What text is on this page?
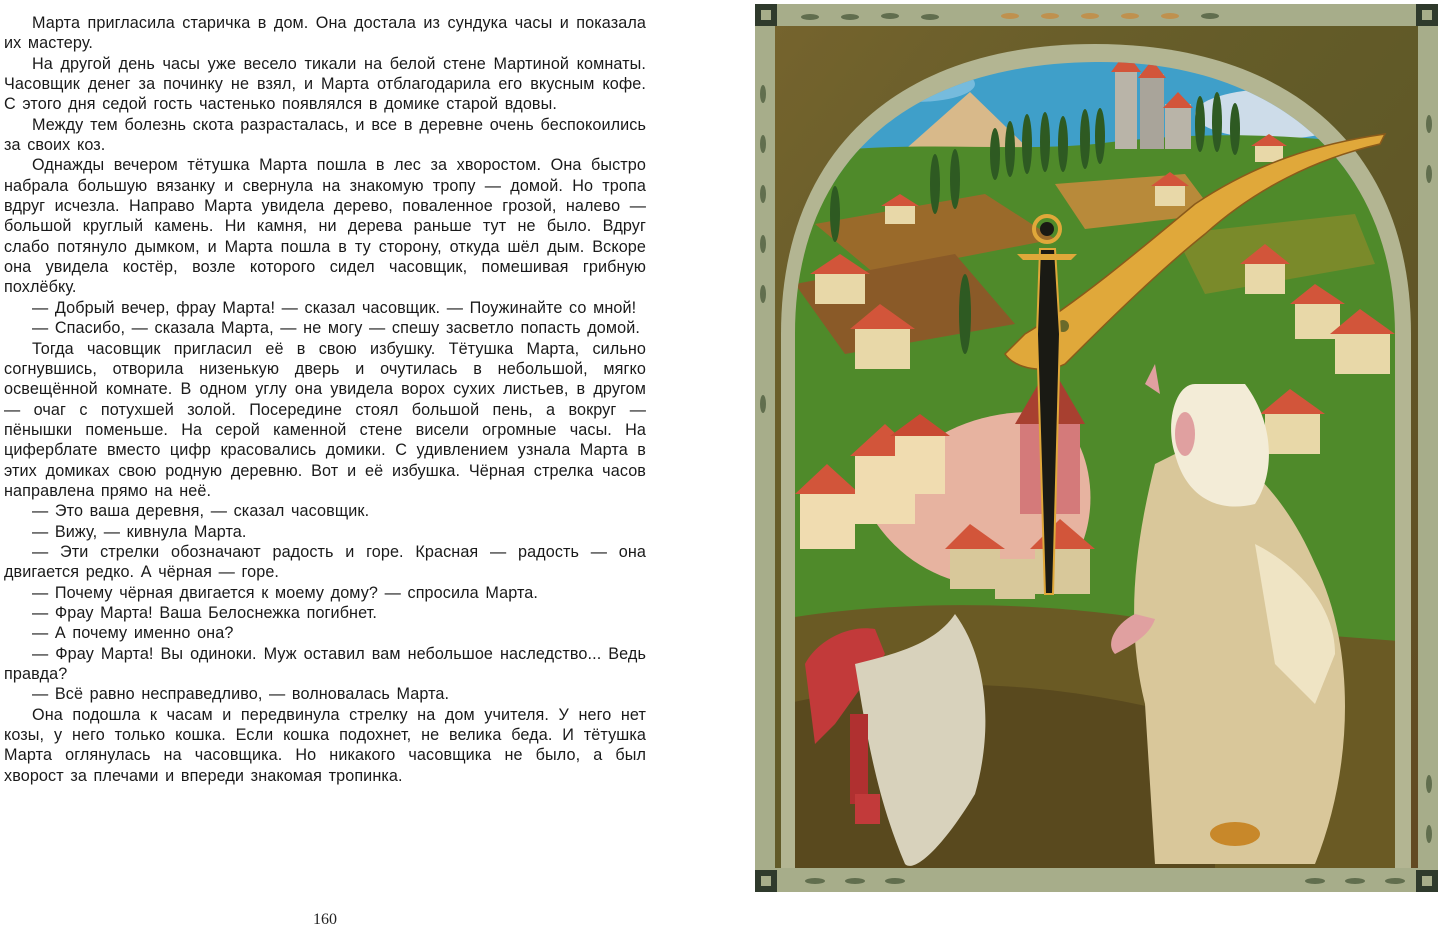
Марта пригласила старичка в дом. Она достала из сундука часы и показала их мастеру.

На другой день часы уже весело тикали на белой стене Мартиной комнаты. Часовщик денег за починку не взял, и Марта отблагодарила его вкусным кофе. С этого дня седой гость частенько появлялся в домике старой вдовы.

Между тем болезнь скота разрасталась, и все в деревне очень беспокоились за своих коз.

Однажды вечером тётушка Марта пошла в лес за хворостом. Она быстро набрала большую вязанку и свернула на знакомую тропу — домой. Но тропа вдруг исчезла. Направо Марта увидела дерево, поваленное грозой, налево — большой круглый камень. Ни камня, ни дерева раньше тут не было. Вдруг слабо потянуло дымком, и Марта пошла в ту сторону, откуда шёл дым. Вскоре она увидела костёр, возле которого сидел часовщик, помешивая грибную похлёбку.

— Добрый вечер, фрау Марта! — сказал часовщик. — Поужинайте со мной!

— Спасибо, — сказала Марта, — не могу — спешу засветло попасть домой.

Тогда часовщик пригласил её в свою избушку. Тётушка Марта, сильно согнувшись, отворила низенькую дверь и очутилась в небольшой, мягко освещённой комнате. В одном углу она увидела ворох сухих листьев, в другом — очаг с потухшей золой. Посередине стоял большой пень, а вокруг — пёнышки поменьше. На серой каменной стене висели огромные часы. На циферблате вместо цифр красовались домики. С удивлением узнала Марта в этих домиках свою родную деревню. Вот и её избушка. Чёрная стрелка часов направлена прямо на неё.

— Это ваша деревня, — сказал часовщик.

— Вижу, — кивнула Марта.

— Эти стрелки обозначают радость и горе. Красная — радость — она двигается редко. А чёрная — горе.

— Почему чёрная двигается к моему дому? — спросила Марта.

— Фрау Марта! Ваша Белоснежка погибнет.

— А почему именно она?

— Фрау Марта! Вы одиноки. Муж оставил вам небольшое наследство... Ведь правда?

— Всё равно несправедливо, — волновалась Марта.

Она подошла к часам и передвинула стрелку на дом учителя. У него нет козы, у него только кошка. Если кошка подохнет, не велика беда. И тётушка Марта оглянулась на часовщика. Но никакого часовщика не было, а был хворост за плечами и впереди знакомая тропинка.

160
